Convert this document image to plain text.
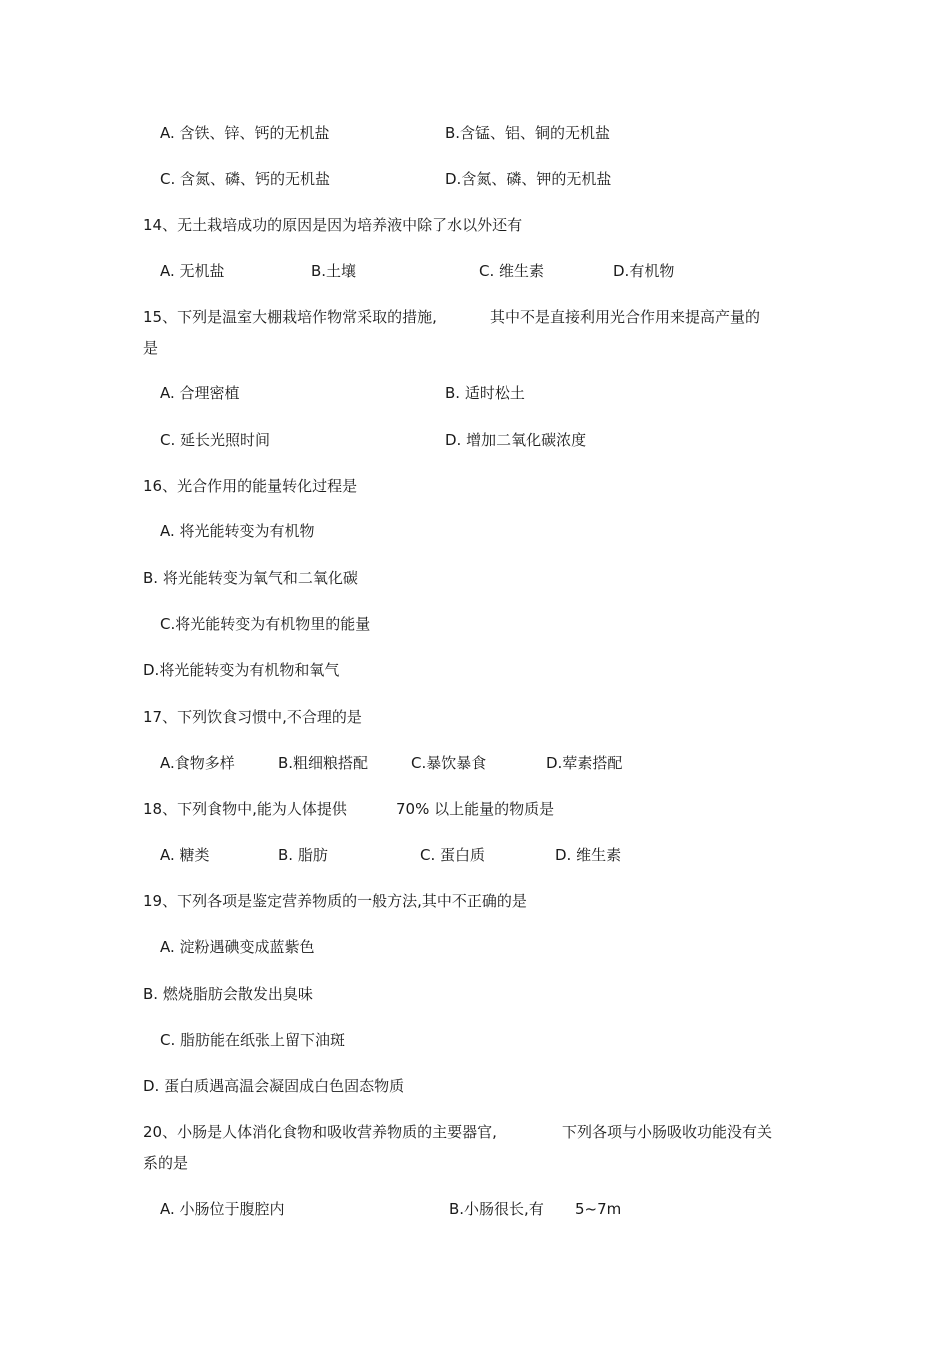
A. 含铁、锌、钙的无机盐	B.含锰、铝、铜的无机盐
C. 含氮、磷、钙的无机盐	D.含氮、磷、钾的无机盐
14、无土栽培成功的原因是因为培养液中除了水以外还有
A. 无机盐	B.土壤	C. 维生素	D.有机物
15、下列是温室大棚栽培作物常采取的措施,	其中不是直接利用光合作用来提高产量的
是
A. 合理密植	B. 适时松土
C. 延长光照时间	D. 增加二氧化碳浓度
16、光合作用的能量转化过程是
A. 将光能转变为有机物
B. 将光能转变为氧气和二氧化碳
C.将光能转变为有机物里的能量
D.将光能转变为有机物和氧气
17、下列饮食习惯中,不合理的是
A.食物多样	B.粗细粮搭配	C.暴饮暴食	D.荤素搭配
18、下列食物中,能为人体提供	70% 以上能量的物质是
A. 糖类	B. 脂肪	C. 蛋白质	D. 维生素
19、下列各项是鉴定营养物质的一般方法,其中不正确的是
A. 淀粉遇碘变成蓝紫色
B. 燃烧脂肪会散发出臭味
C. 脂肪能在纸张上留下油斑
D. 蛋白质遇高温会凝固成白色固态物质
20、小肠是人体消化食物和吸收营养物质的主要器官,	下列各项与小肠吸收功能没有关
系的是
A. 小肠位于腹腔内	B.小肠很长,有 5~7m
